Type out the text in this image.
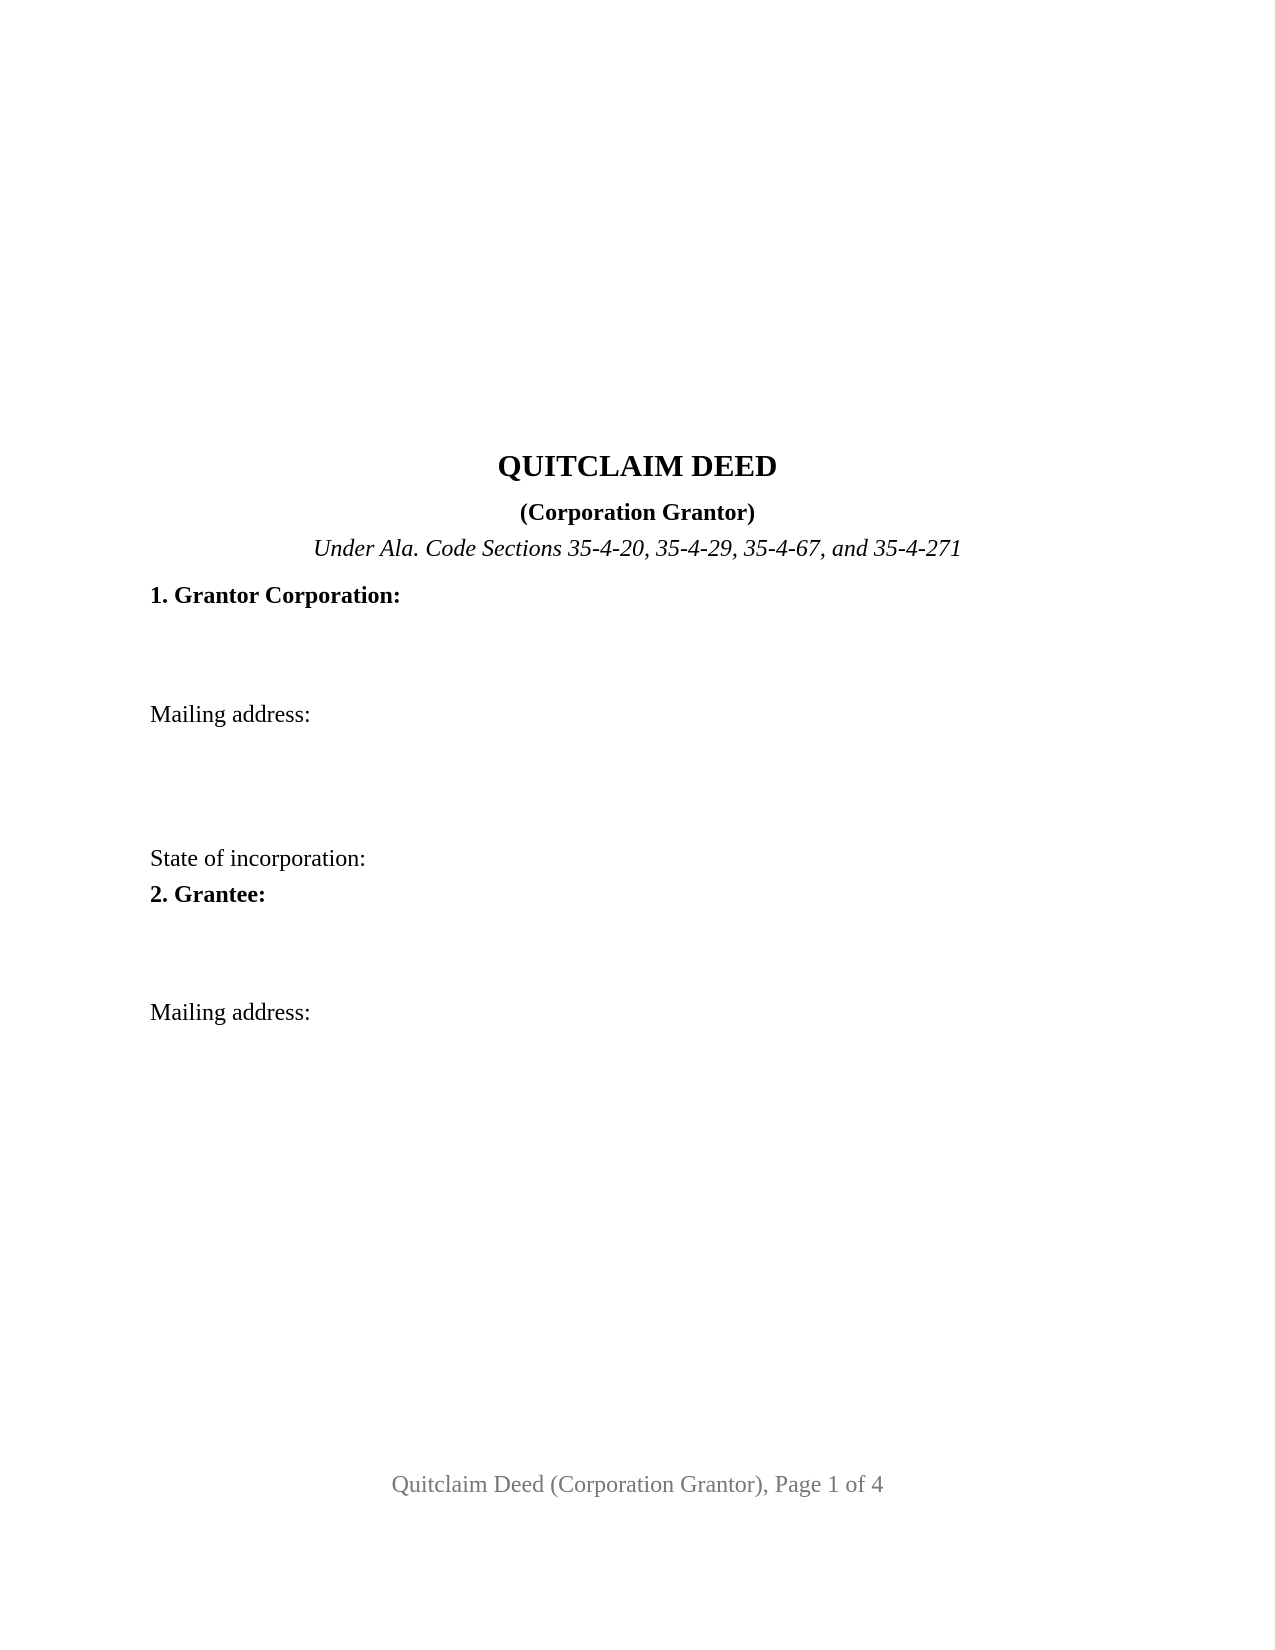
QUITCLAIM DEED
(Corporation Grantor)
Under Ala. Code Sections 35-4-20, 35-4-29, 35-4-67, and 35-4-271
1. Grantor Corporation:
Mailing address:
State of incorporation:
2. Grantee:
Mailing address:
Quitclaim Deed (Corporation Grantor), Page 1 of 4
